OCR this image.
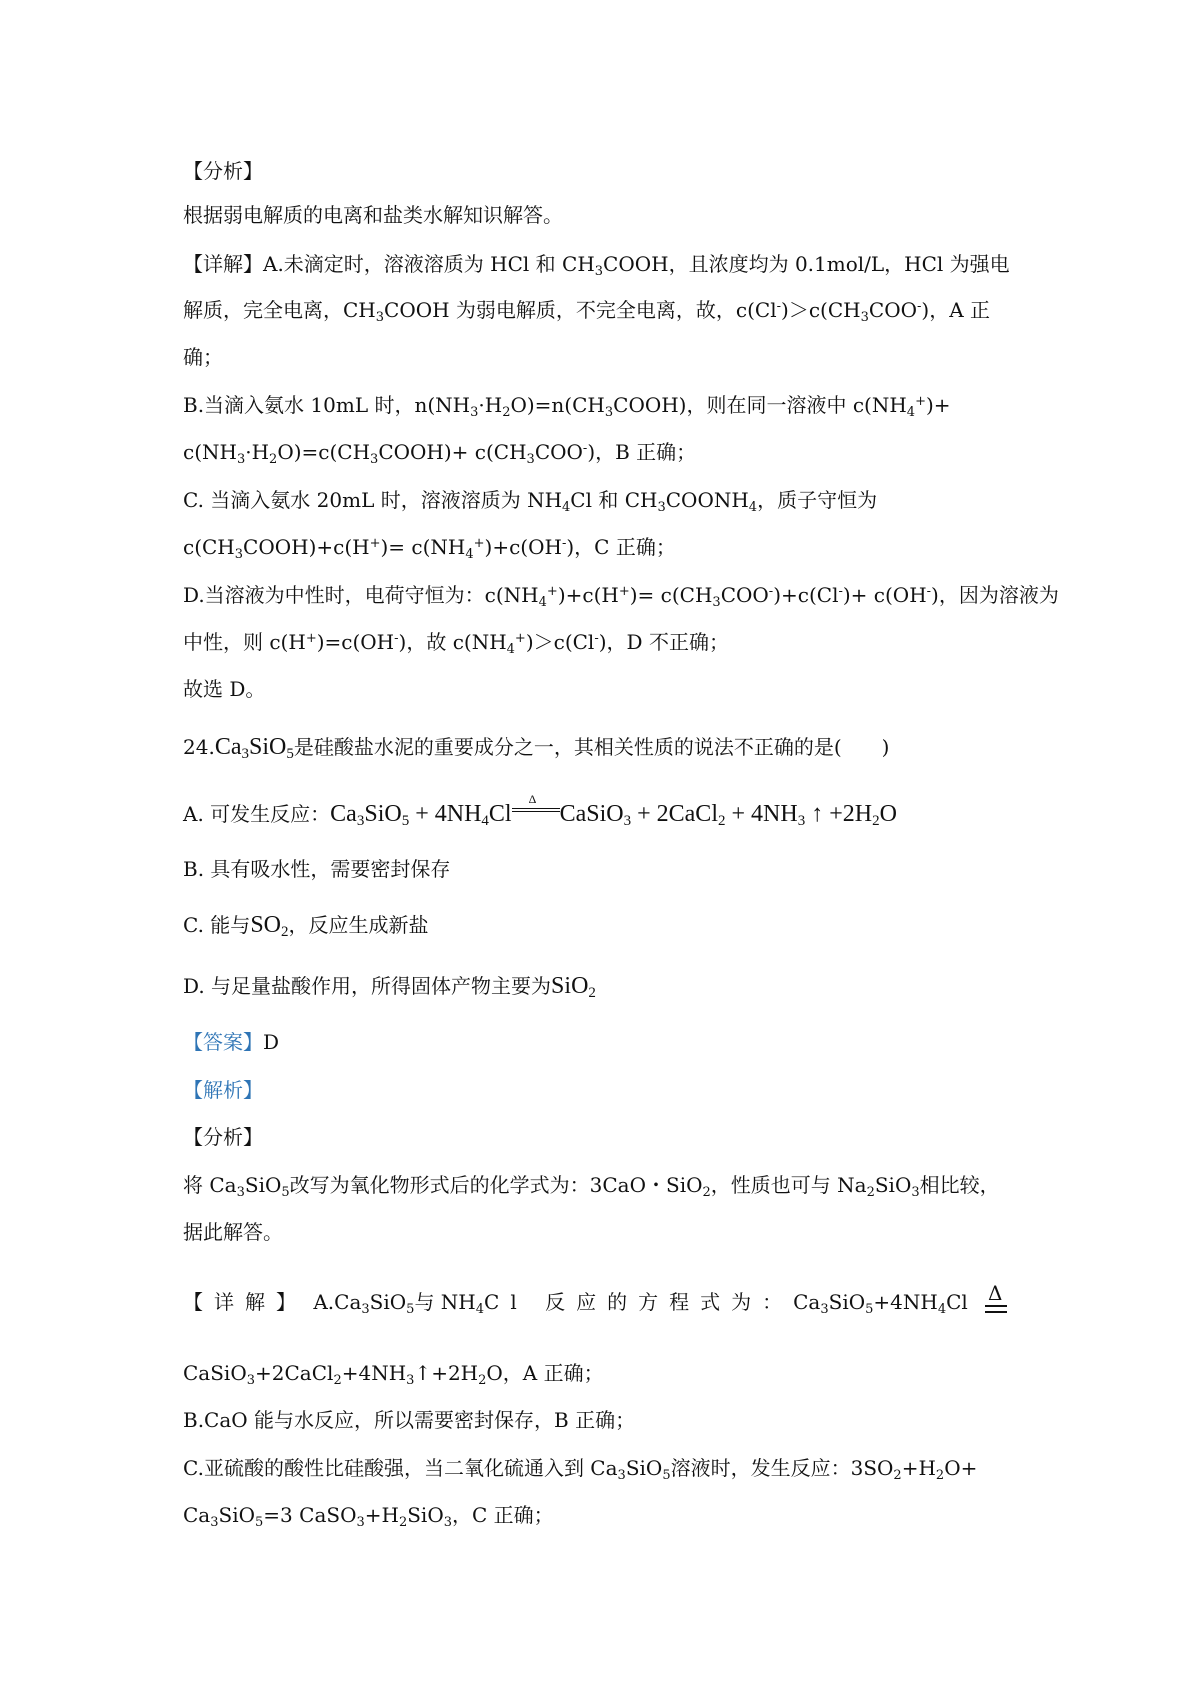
【分析】
根据弱电解质的电离和盐类水解知识解答。
【详解】A.未滴定时，溶液溶质为 HCl 和 $CH_3COOH$，且浓度均为 0.1mol/L，HCl 为强电
解质，完全电离，$CH_3COOH$ 为弱电解质，不完全电离，故，$c(Cl^-)>c(CH_3COO^-)$，A 正
确；
B.当滴入氨水 10mL 时，$n(NH_3\cdot H_2O)=n(CH_3COOH)$，则在同一溶液中 $c(NH_4^+)+$
$c(NH_3\cdot H_2O)=c(CH_3COOH)+ c(CH_3COO^-)$，B 正确；
C. 当滴入氨水 20mL 时，溶液溶质为 $NH_4Cl$ 和 $CH_3COONH_4$，质子守恒为
$c(CH_3COOH)+c(H^+)= c(NH_4^+)+c(OH^-)$，C 正确；
D.当溶液为中性时，电荷守恒为：$c(NH_4^+)+c(H^+)= c(CH_3COO^-)+c(Cl^-)+ c(OH^-)$，因为溶液为
中性，则 c(H+)=c(OH-)，故 $c(NH_4^+)>c(Cl^-)$，D 不正确；
故选 D。
$24.Ca_3SiO_5$是硅酸盐水泥的重要成分之一，其相关性质的说法不正确的是(　　)
A. 可发生反应：$Ca_3SiO_5 + 4NH_4Cl$
Δ
CaSiO$_3$ + 2CaCl$_2$ + $4NH_3$ ↑ $+2H_2O$
B. 具有吸水性，需要密封保存
C. 能与$SO_2$，反应生成新盐
D. 与足量盐酸作用，所得固体产物主要为SiO$_2$
【答案】D
【解析】
【分析】
将 $Ca_3SiO_5$改写为氧化物形式后的化学式为：3CaO・SiO$_2$，性质也可与 $Na_2SiO_3$相比较，
据此解答。
【详解】 $A.Ca_3SiO_5$与 $NH_4Cl$ 反应的方程式为：$Ca_3SiO_5+4NH_4Cl$ Δ
$CaSiO_3+2CaCl_2+4NH_3↑+2H_2O$，A 正确；
B.CaO 能与水反应，所以需要密封保存，B 正确；
C.亚硫酸的酸性比硅酸强，当二氧化硫通入到 $Ca_3SiO_5$溶液时，发生反应：$3SO_2+H_2O+$
$Ca_3SiO_5=3$ $CaSO_3+H_2SiO_3$，C 正确；
